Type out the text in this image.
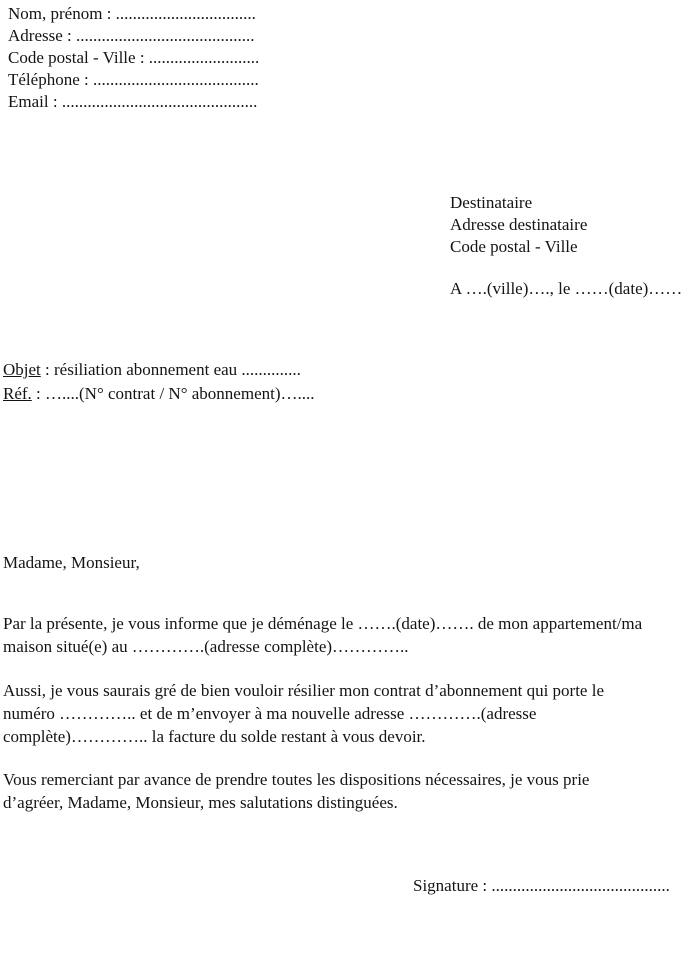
Nom, prénom : .................................
Adresse : ..........................................
Code postal - Ville : ..........................
Téléphone : .......................................
Email : ..............................................
Destinataire
Adresse destinataire
Code postal - Ville
A ….(ville)…., le ……(date)……
Objet : résiliation abonnement eau ..............
Réf. : …....(N° contrat / N° abonnement)…....
Madame, Monsieur,
Par la présente, je vous informe que je déménage le …….(date)……. de mon appartement/ma
maison situé(e) au ………….(adresse complète)…………..
Aussi, je vous saurais gré de bien vouloir résilier mon contrat d’abonnement qui porte le
numéro ………….. et de m’envoyer à ma nouvelle adresse ………….(adresse
complète)………….. la facture du solde restant à vous devoir.
Vous remerciant par avance de prendre toutes les dispositions nécessaires, je vous prie
d’agréer, Madame, Monsieur, mes salutations distinguées.
Signature : ..........................................
